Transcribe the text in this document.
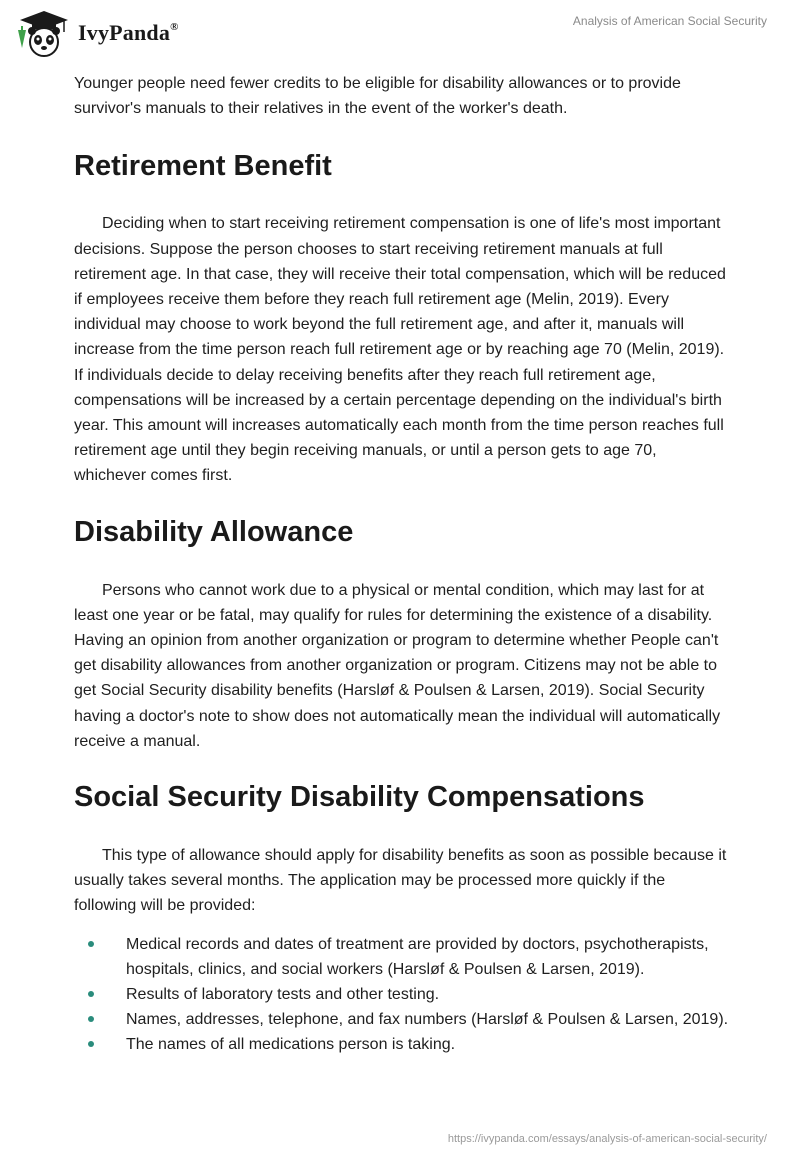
IvyPanda®	Analysis of American Social Security

Younger people need fewer credits to be eligible for disability allowances or to provide survivor's manuals to their relatives in the event of the worker's death.

Retirement Benefit

Deciding when to start receiving retirement compensation is one of life's most important decisions. Suppose the person chooses to start receiving retirement manuals at full retirement age. In that case, they will receive their total compensation, which will be reduced if employees receive them before they reach full retirement age (Melin, 2019). Every individual may choose to work beyond the full retirement age, and after it, manuals will increase from the time person reach full retirement age or by reaching age 70 (Melin, 2019). If individuals decide to delay receiving benefits after they reach full retirement age, compensations will be increased by a certain percentage depending on the individual's birth year. This amount will increases automatically each month from the time person reaches full retirement age until they begin receiving manuals, or until a person gets to age 70, whichever comes first.

Disability Allowance

Persons who cannot work due to a physical or mental condition, which may last for at least one year or be fatal, may qualify for rules for determining the existence of a disability. Having an opinion from another organization or program to determine whether People can't get disability allowances from another organization or program. Citizens may not be able to get Social Security disability benefits (Harsløf & Poulsen & Larsen, 2019). Social Security having a doctor's note to show does not automatically mean the individual will automatically receive a manual.

Social Security Disability Compensations

This type of allowance should apply for disability benefits as soon as possible because it usually takes several months. The application may be processed more quickly if the following will be provided:

Medical records and dates of treatment are provided by doctors, psychotherapists, hospitals, clinics, and social workers (Harsløf & Poulsen & Larsen, 2019).
Results of laboratory tests and other testing.
Names, addresses, telephone, and fax numbers (Harsløf & Poulsen & Larsen, 2019).
The names of all medications person is taking.
https://ivypanda.com/essays/analysis-of-american-social-security/
